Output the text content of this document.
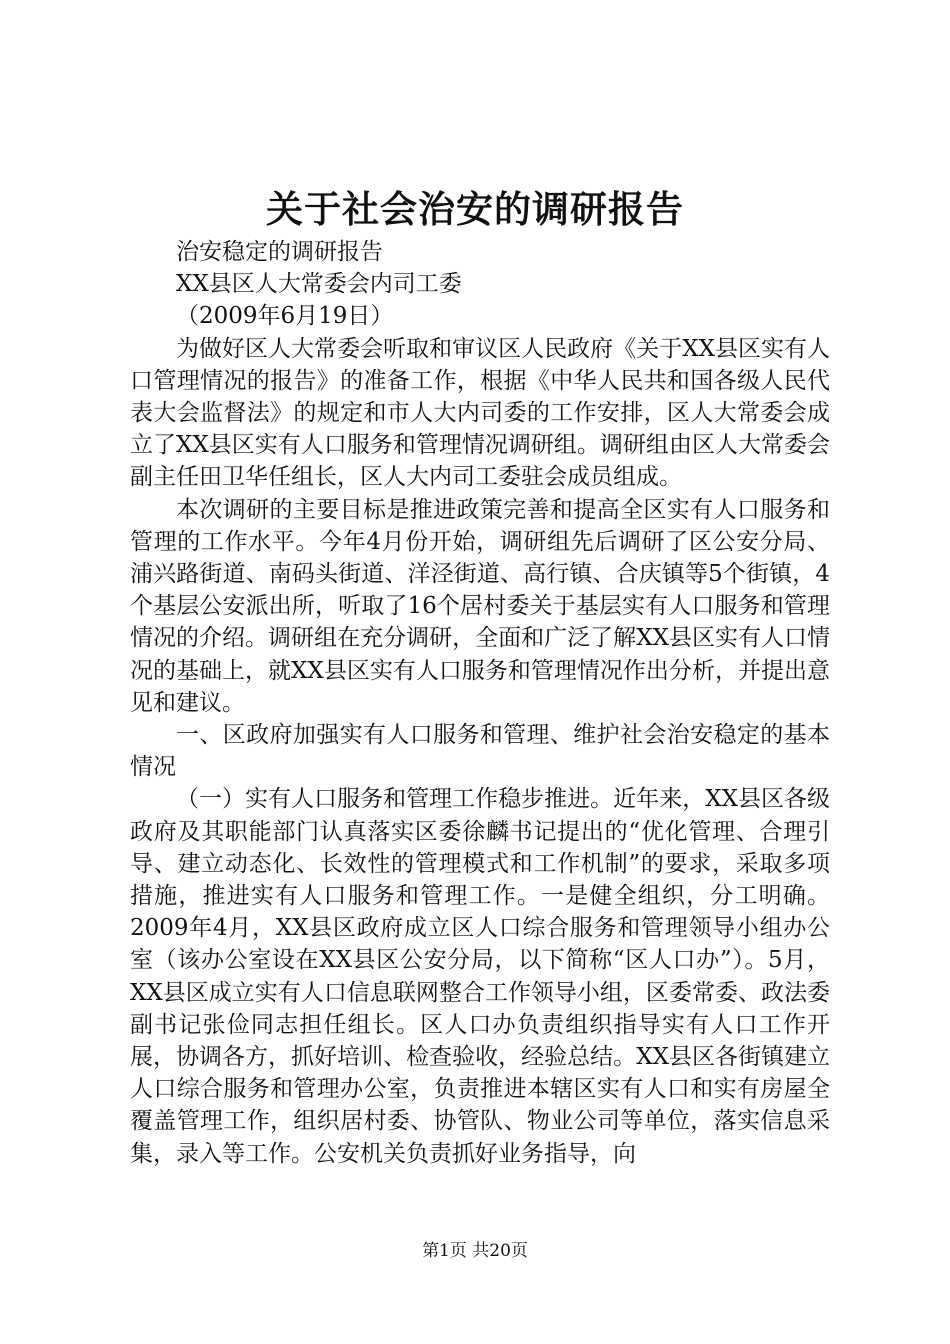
关于社会治安的调研报告

治安稳定的调研报告

XX县区人大常委会内司工委

（2009年6月19日）

为做好区人大常委会听取和审议区人民政府《关于XX县区实有人口管理情况的报告》的准备工作，根据《中华人民共和国各级人民代表大会监督法》的规定和市人大内司委的工作安排，区人大常委会成立了XX县区实有人口服务和管理情况调研组。调研组由区人大常委会副主任田卫华任组长，区人大内司工委驻会成员组成。

本次调研的主要目标是推进政策完善和提高全区实有人口服务和管理的工作水平。今年4月份开始，调研组先后调研了区公安分局、浦兴路街道、南码头街道、洋泾街道、高行镇、合庆镇等5个街镇，4个基层公安派出所，听取了16个居村委关于基层实有人口服务和管理情况的介绍。调研组在充分调研，全面和广泛了解XX县区实有人口情况的基础上，就XX县区实有人口服务和管理情况作出分析，并提出意见和建议。

一、区政府加强实有人口服务和管理、维护社会治安稳定的基本情况

（一）实有人口服务和管理工作稳步推进。近年来，XX县区各级政府及其职能部门认真落实区委徐麟书记提出的“优化管理、合理引导、建立动态化、长效性的管理模式和工作机制”的要求，采取多项措施，推进实有人口服务和管理工作。一是健全组织，分工明确。2009年4月，XX县区政府成立区人口综合服务和管理领导小组办公室（该办公室设在XX县区公安分局，以下简称“区人口办”）。5月，XX县区成立实有人口信息联网整合工作领导小组，区委常委、政法委副书记张俭同志担任组长。区人口办负责组织指导实有人口工作开展，协调各方，抓好培训、检查验收，经验总结。XX县区各街镇建立人口综合服务和管理办公室，负责推进本辖区实有人口和实有房屋全覆盖管理工作，组织居村委、协管队、物业公司等单位，落实信息采集，录入等工作。公安机关负责抓好业务指导，向

第1页 共20页
